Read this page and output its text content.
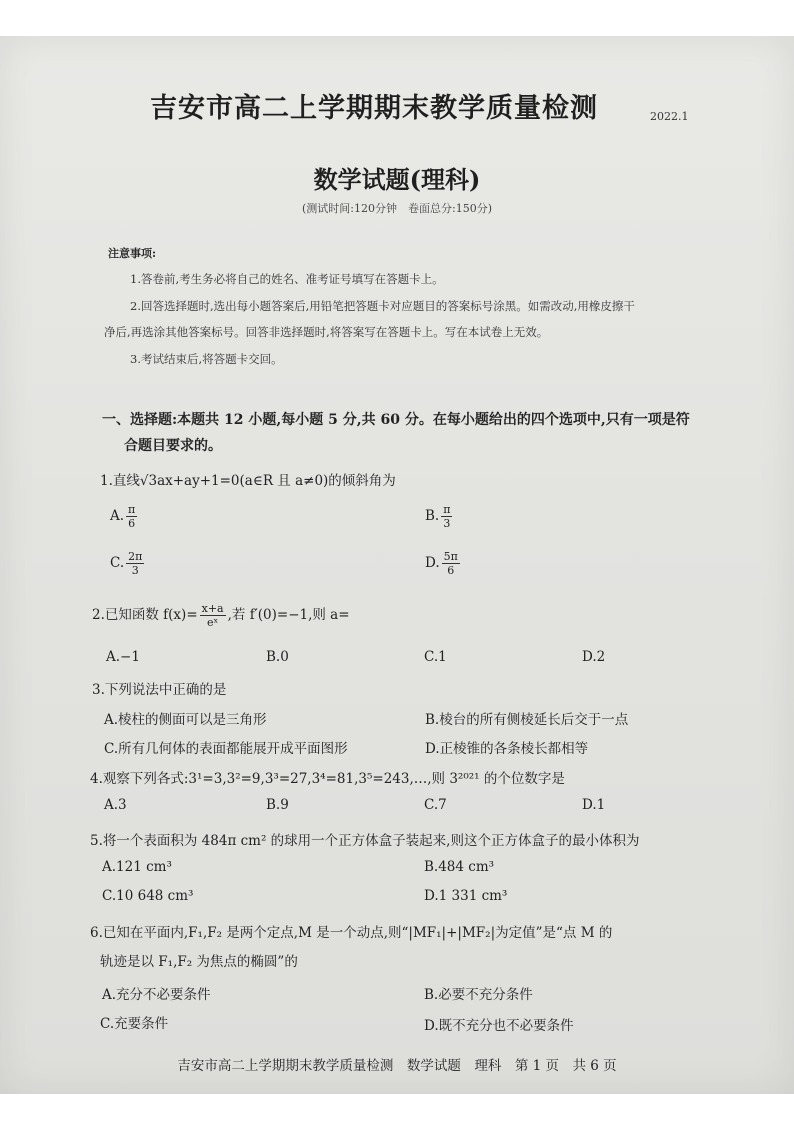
吉安市高二上学期期末教学质量检测	2022.1
数学试题(理科)
(测试时间:120分钟　卷面总分:150分)
注意事项:
1.答卷前,考生务必将自己的姓名、准考证号填写在答题卡上。
2.回答选择题时,选出每小题答案后,用铅笔把答题卡对应题目的答案标号涂黑。如需改动,用橡皮擦干
净后,再选涂其他答案标号。回答非选择题时,将答案写在答题卡上。写在本试卷上无效。
3.考试结束后,将答题卡交回。
一、选择题:本题共 12 小题,每小题 5 分,共 60 分。在每小题给出的四个选项中,只有一项是符
合题目要求的。
1.直线√3ax+ay+1=0(a∈R 且 a≠0)的倾斜角为
A. $\frac{\pi}{6}$	B. $\frac{\pi}{3}$
C. $\frac{2\pi}{3}$	D. $\frac{5\pi}{6}$
2.已知函数 $f(x)= \frac{x+a}{\text{eˣ}}$ ,若 f′(0)=−1,则 a=
A.−1	B.0	C.1	D.2
3.下列说法中正确的是
A.棱柱的侧面可以是三角形	B.棱台的所有侧棱延长后交于一点
C.所有几何体的表面都能展开成平面图形	D.正棱锥的各条棱长都相等
4.观察下列各式:3¹=3,3²=9,3³=27,3⁴=81,3⁵=243,…,则 3²⁰²¹ 的个位数字是
A.3	B.9	C.7	D.1
5.将一个表面积为 484π cm² 的球用一个正方体盒子装起来,则这个正方体盒子的最小体积为
A.121 cm³	B.484 cm³
C.10 648 cm³	D.1 331 cm³
6.已知在平面内,F₁,F₂ 是两个定点,M 是一个动点,则“|MF₁|+|MF₂|为定值”是“点 M 的
轨迹是以 F₁,F₂ 为焦点的椭圆”的
A.充分不必要条件	B.必要不充分条件
C.充要条件	D.既不充分也不必要条件
吉安市高二上学期期末教学质量检测　数学试题　理科　第 1 页　共 6 页
